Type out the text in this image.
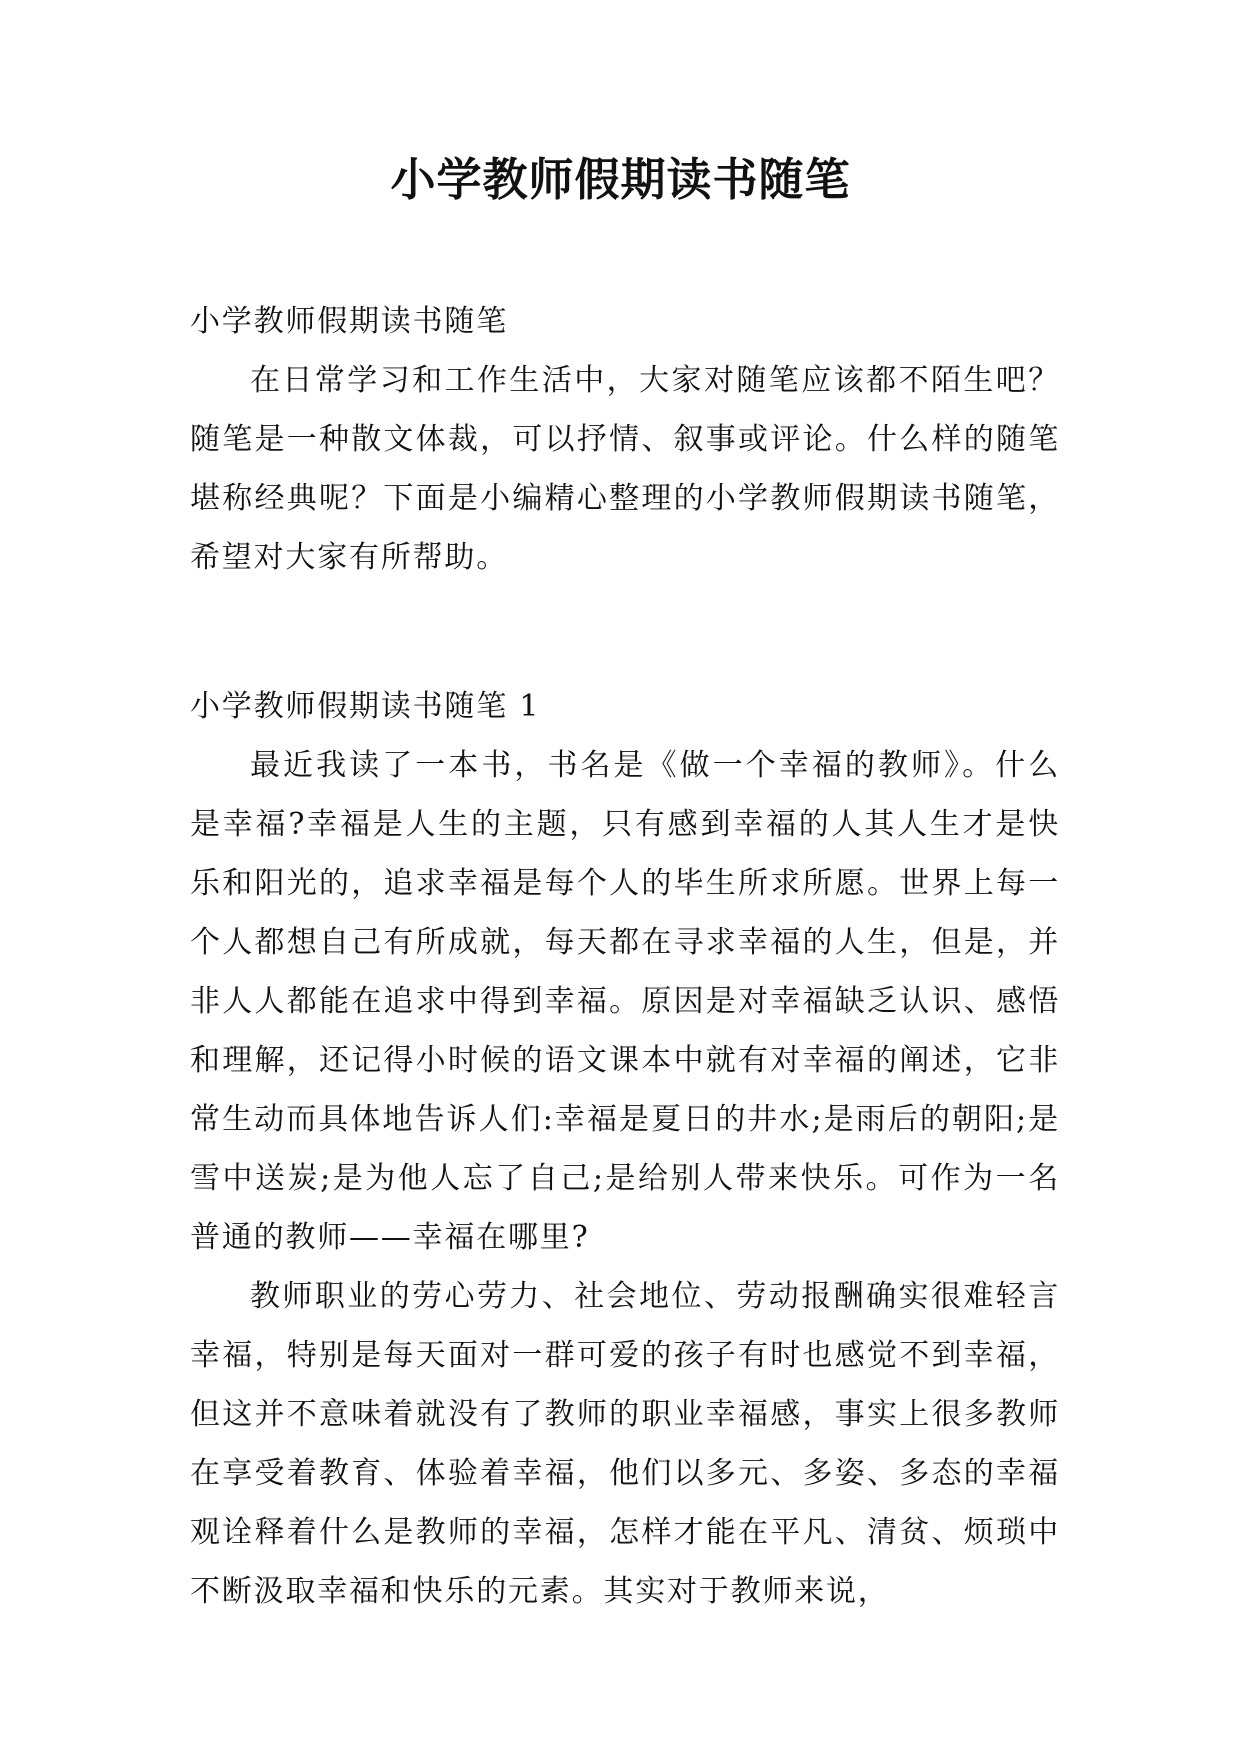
小学教师假期读书随笔
小学教师假期读书随笔

在日常学习和工作生活中，大家对随笔应该都不陌生吧？随笔是一种散文体裁，可以抒情、叙事或评论。什么样的随笔堪称经典呢？下面是小编精心整理的小学教师假期读书随笔，希望对大家有所帮助。

小学教师假期读书随笔 1

最近我读了一本书，书名是《做一个幸福的教师》。什么是幸福?幸福是人生的主题，只有感到幸福的人其人生才是快乐和阳光的，追求幸福是每个人的毕生所求所愿。世界上每一个人都想自己有所成就，每天都在寻求幸福的人生，但是，并非人人都能在追求中得到幸福。原因是对幸福缺乏认识、感悟和理解，还记得小时候的语文课本中就有对幸福的阐述，它非常生动而具体地告诉人们:幸福是夏日的井水;是雨后的朝阳;是雪中送炭;是为他人忘了自己;是给别人带来快乐。可作为一名普通的教师——幸福在哪里?

教师职业的劳心劳力、社会地位、劳动报酬确实很难轻言幸福，特别是每天面对一群可爱的孩子有时也感觉不到幸福，但这并不意味着就没有了教师的职业幸福感，事实上很多教师在享受着教育、体验着幸福，他们以多元、多姿、多态的幸福观诠释着什么是教师的幸福，怎样才能在平凡、清贫、烦琐中不断汲取幸福和快乐的元素。其实对于教师来说，
